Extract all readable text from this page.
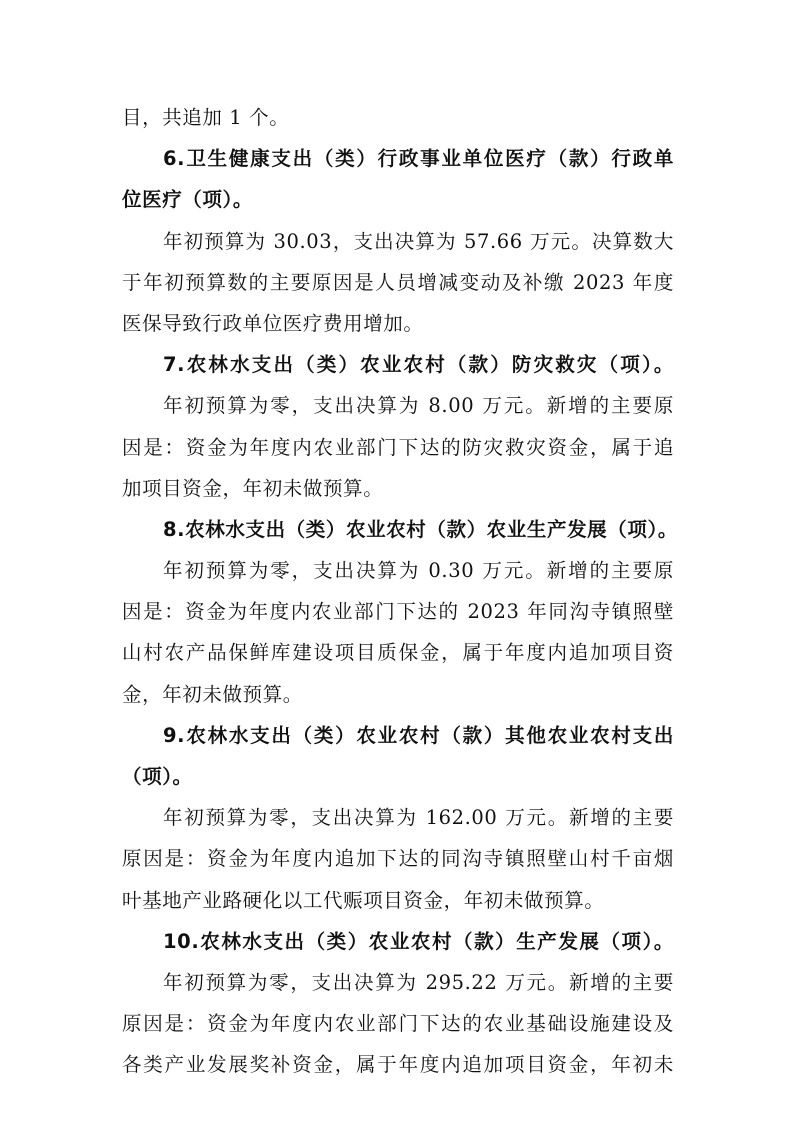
目，共追加 1 个。
6.卫生健康支出（类）行政事业单位医疗（款）行政单
位医疗（项）。
年初预算为 30.03，支出决算为 57.66 万元。决算数大
于年初预算数的主要原因是人员增减变动及补缴 2023 年度
医保导致行政单位医疗费用增加。
7.农林水支出（类）农业农村（款）防灾救灾（项）。
年初预算为零，支出决算为 8.00 万元。新增的主要原
因是：资金为年度内农业部门下达的防灾救灾资金，属于追
加项目资金，年初未做预算。
8.农林水支出（类）农业农村（款）农业生产发展（项）。
年初预算为零，支出决算为 0.30 万元。新增的主要原
因是：资金为年度内农业部门下达的 2023 年同沟寺镇照壁
山村农产品保鲜库建设项目质保金，属于年度内追加项目资
金，年初未做预算。
9.农林水支出（类）农业农村（款）其他农业农村支出
（项）。
年初预算为零，支出决算为 162.00 万元。新增的主要
原因是：资金为年度内追加下达的同沟寺镇照壁山村千亩烟
叶基地产业路硬化以工代赈项目资金，年初未做预算。
10.农林水支出（类）农业农村（款）生产发展（项）。
年初预算为零，支出决算为 295.22 万元。新增的主要
原因是：资金为年度内农业部门下达的农业基础设施建设及
各类产业发展奖补资金，属于年度内追加项目资金，年初未
